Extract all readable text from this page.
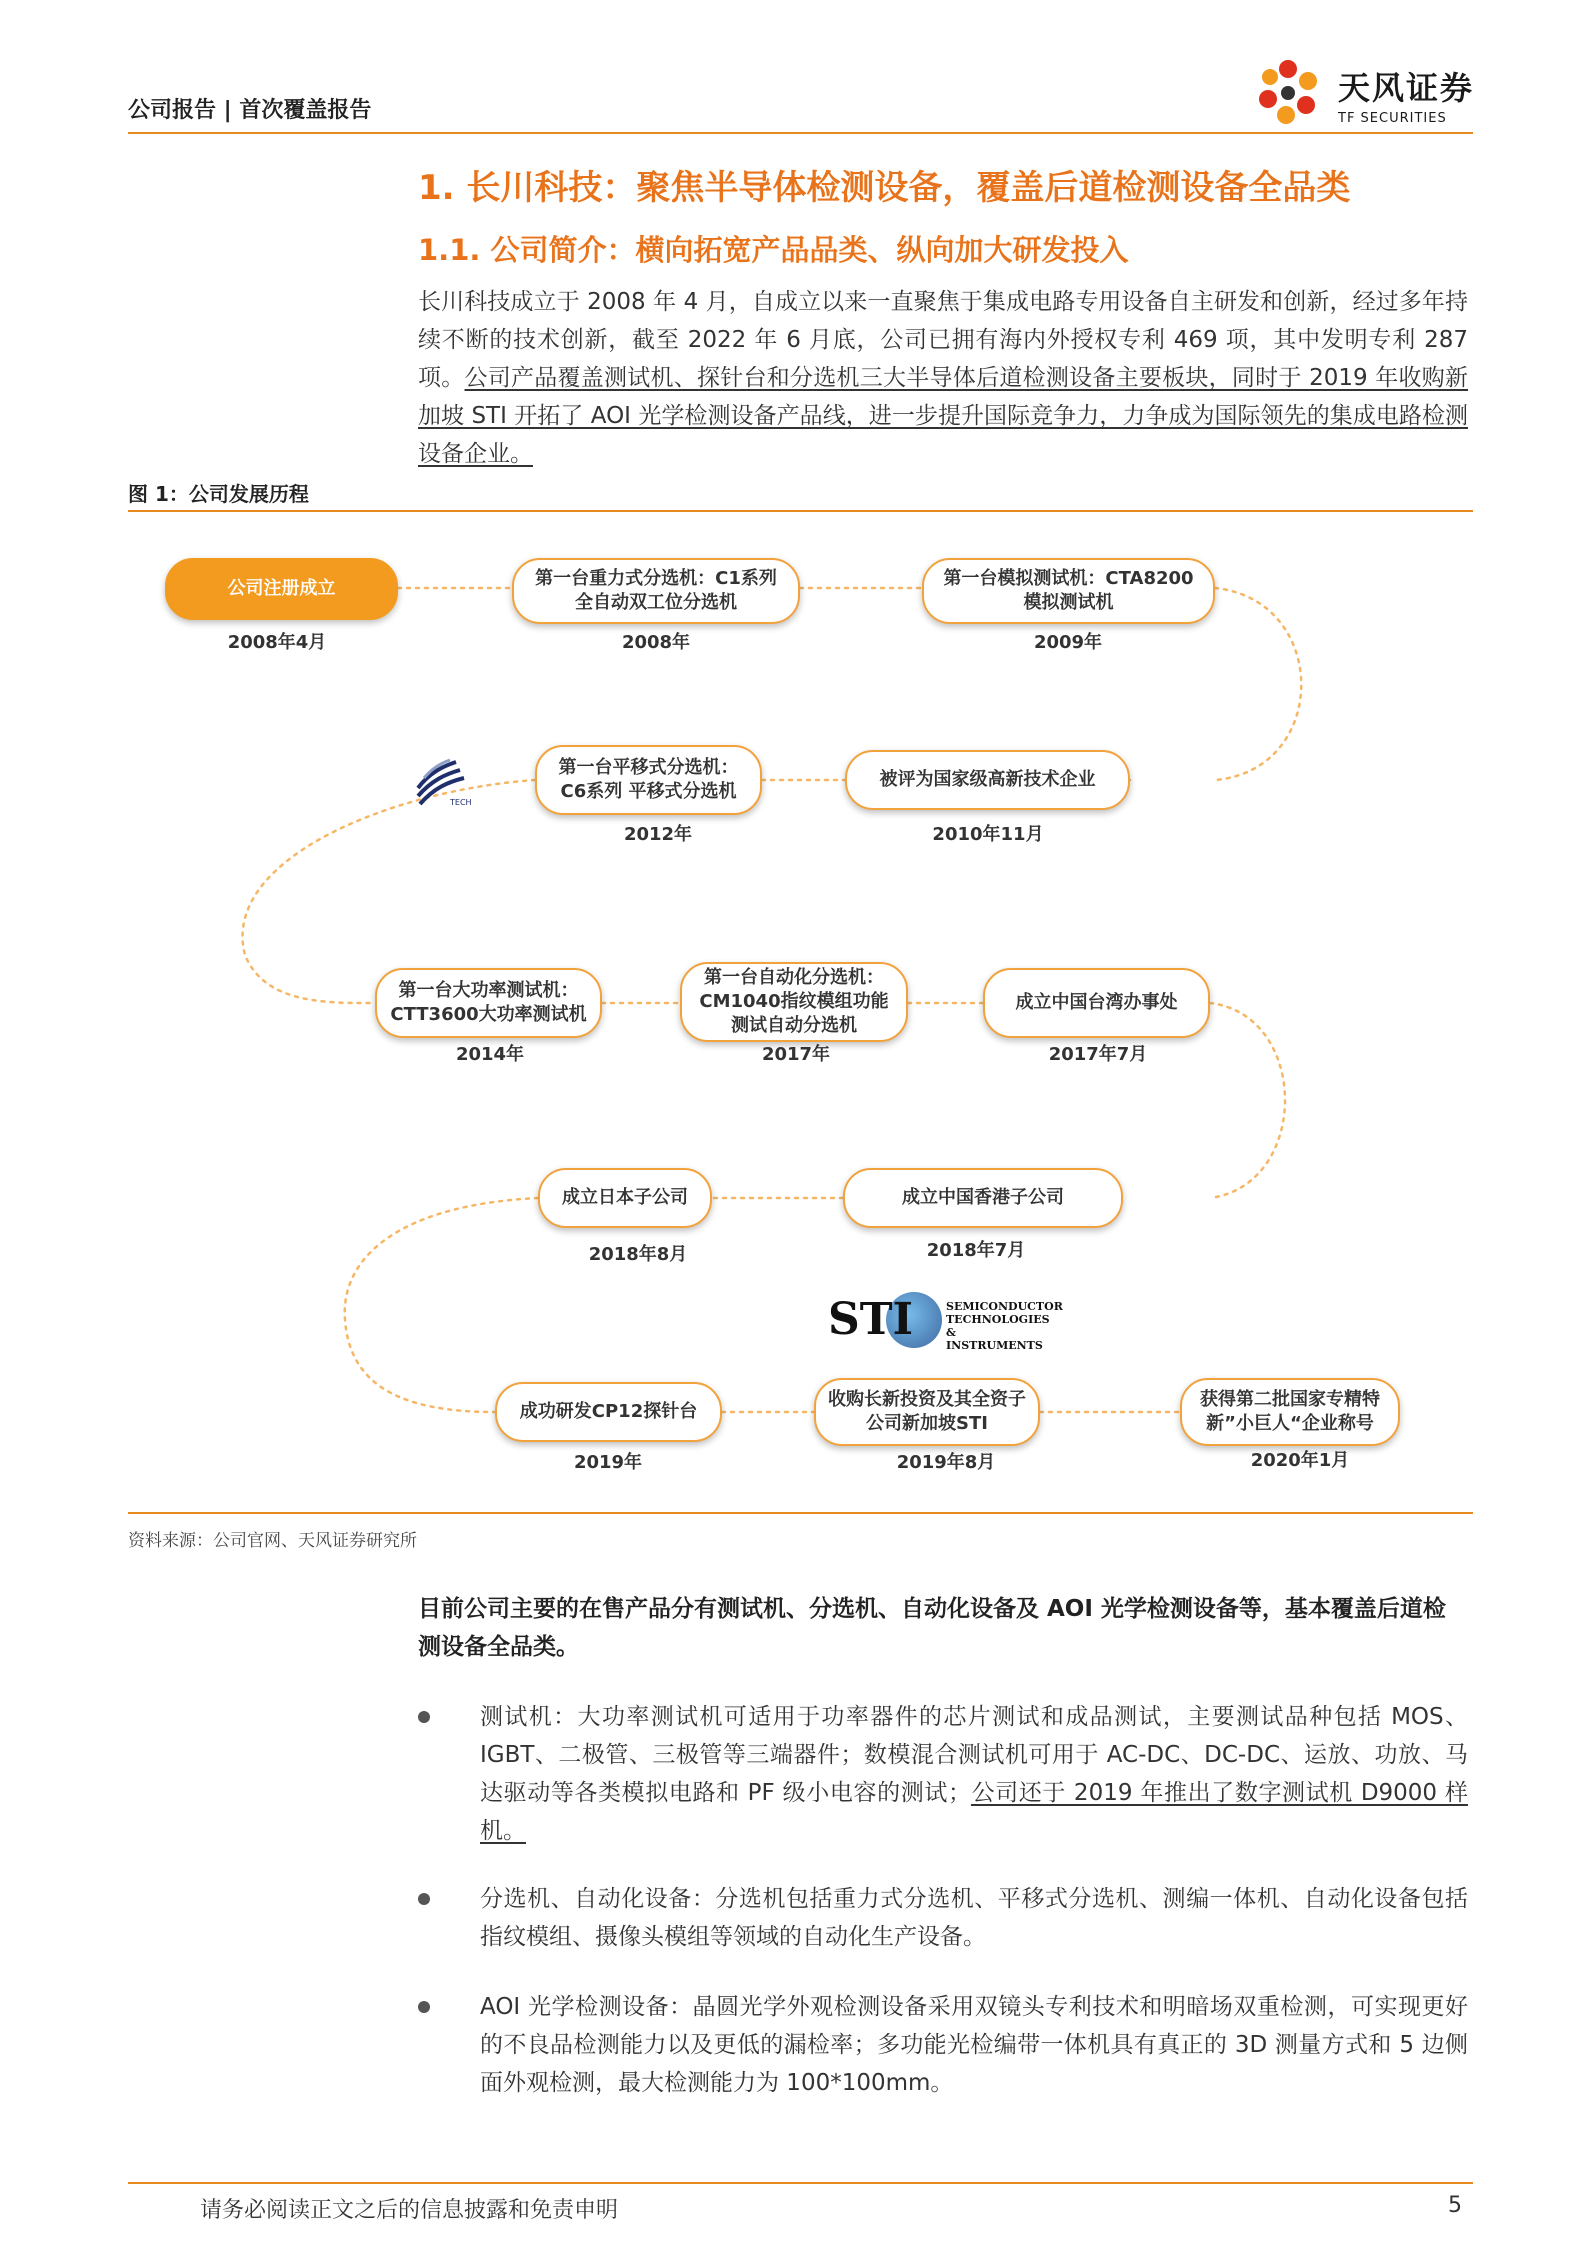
公司报告 | 首次覆盖报告
天风证券
TF SECURITIES
1. 长川科技：聚焦半导体检测设备，覆盖后道检测设备全品类
1.1. 公司简介：横向拓宽产品品类、纵向加大研发投入
长川科技成立于 2008 年 4 月，自成立以来一直聚焦于集成电路专用设备自主研发和创新，经过多年持续不断的技术创新，截至 2022 年 6 月底，公司已拥有海内外授权专利 469 项，其中发明专利 287 项。公司产品覆盖测试机、探针台和分选机三大半导体后道检测设备主要板块，同时于 2019 年收购新加坡 STI 开拓了 AOI 光学检测设备产品线，进一步提升国际竞争力，力争成为国际领先的集成电路检测设备企业。
图 1：公司发展历程
公司注册成立
2008年4月
第一台重力式分选机：C1系列
全自动双工位分选机
2008年
第一台模拟测试机：CTA8200
模拟测试机
2009年
被评为国家级高新技术企业
2010年11月
第一台平移式分选机：
C6系列 平移式分选机
2012年
第一台大功率测试机：
CTT3600大功率测试机
2014年
第一台自动化分选机：
CM1040指纹模组功能
测试自动分选机
2017年
成立中国台湾办事处
2017年7月
成立中国香港子公司
2018年7月
成立日本子公司
2018年8月
成功研发CP12探针台
2019年
收购长新投资及其全资子
公司新加坡STI
2019年8月
获得第二批国家专精特
新”小巨人“企业称号
2020年1月
TECH
STI	SEMICONDUCTOR
TECHNOLOGIES &
INSTRUMENTS
资料来源：公司官网、天风证券研究所
目前公司主要的在售产品分有测试机、分选机、自动化设备及 AOI 光学检测设备等，基本覆盖后道检测设备全品类。
测试机：大功率测试机可适用于功率器件的芯片测试和成品测试，主要测试品种包括 MOS、IGBT、二极管、三极管等三端器件；数模混合测试机可用于 AC-DC、DC-DC、运放、功放、马达驱动等各类模拟电路和 PF 级小电容的测试；公司还于 2019 年推出了数字测试机 D9000 样机。
分选机、自动化设备：分选机包括重力式分选机、平移式分选机、测编一体机、自动化设备包括指纹模组、摄像头模组等领域的自动化生产设备。
AOI 光学检测设备：晶圆光学外观检测设备采用双镜头专利技术和明暗场双重检测，可实现更好的不良品检测能力以及更低的漏检率；多功能光检编带一体机具有真正的 3D 测量方式和 5 边侧面外观检测，最大检测能力为 100*100mm。
请务必阅读正文之后的信息披露和免责申明	5
